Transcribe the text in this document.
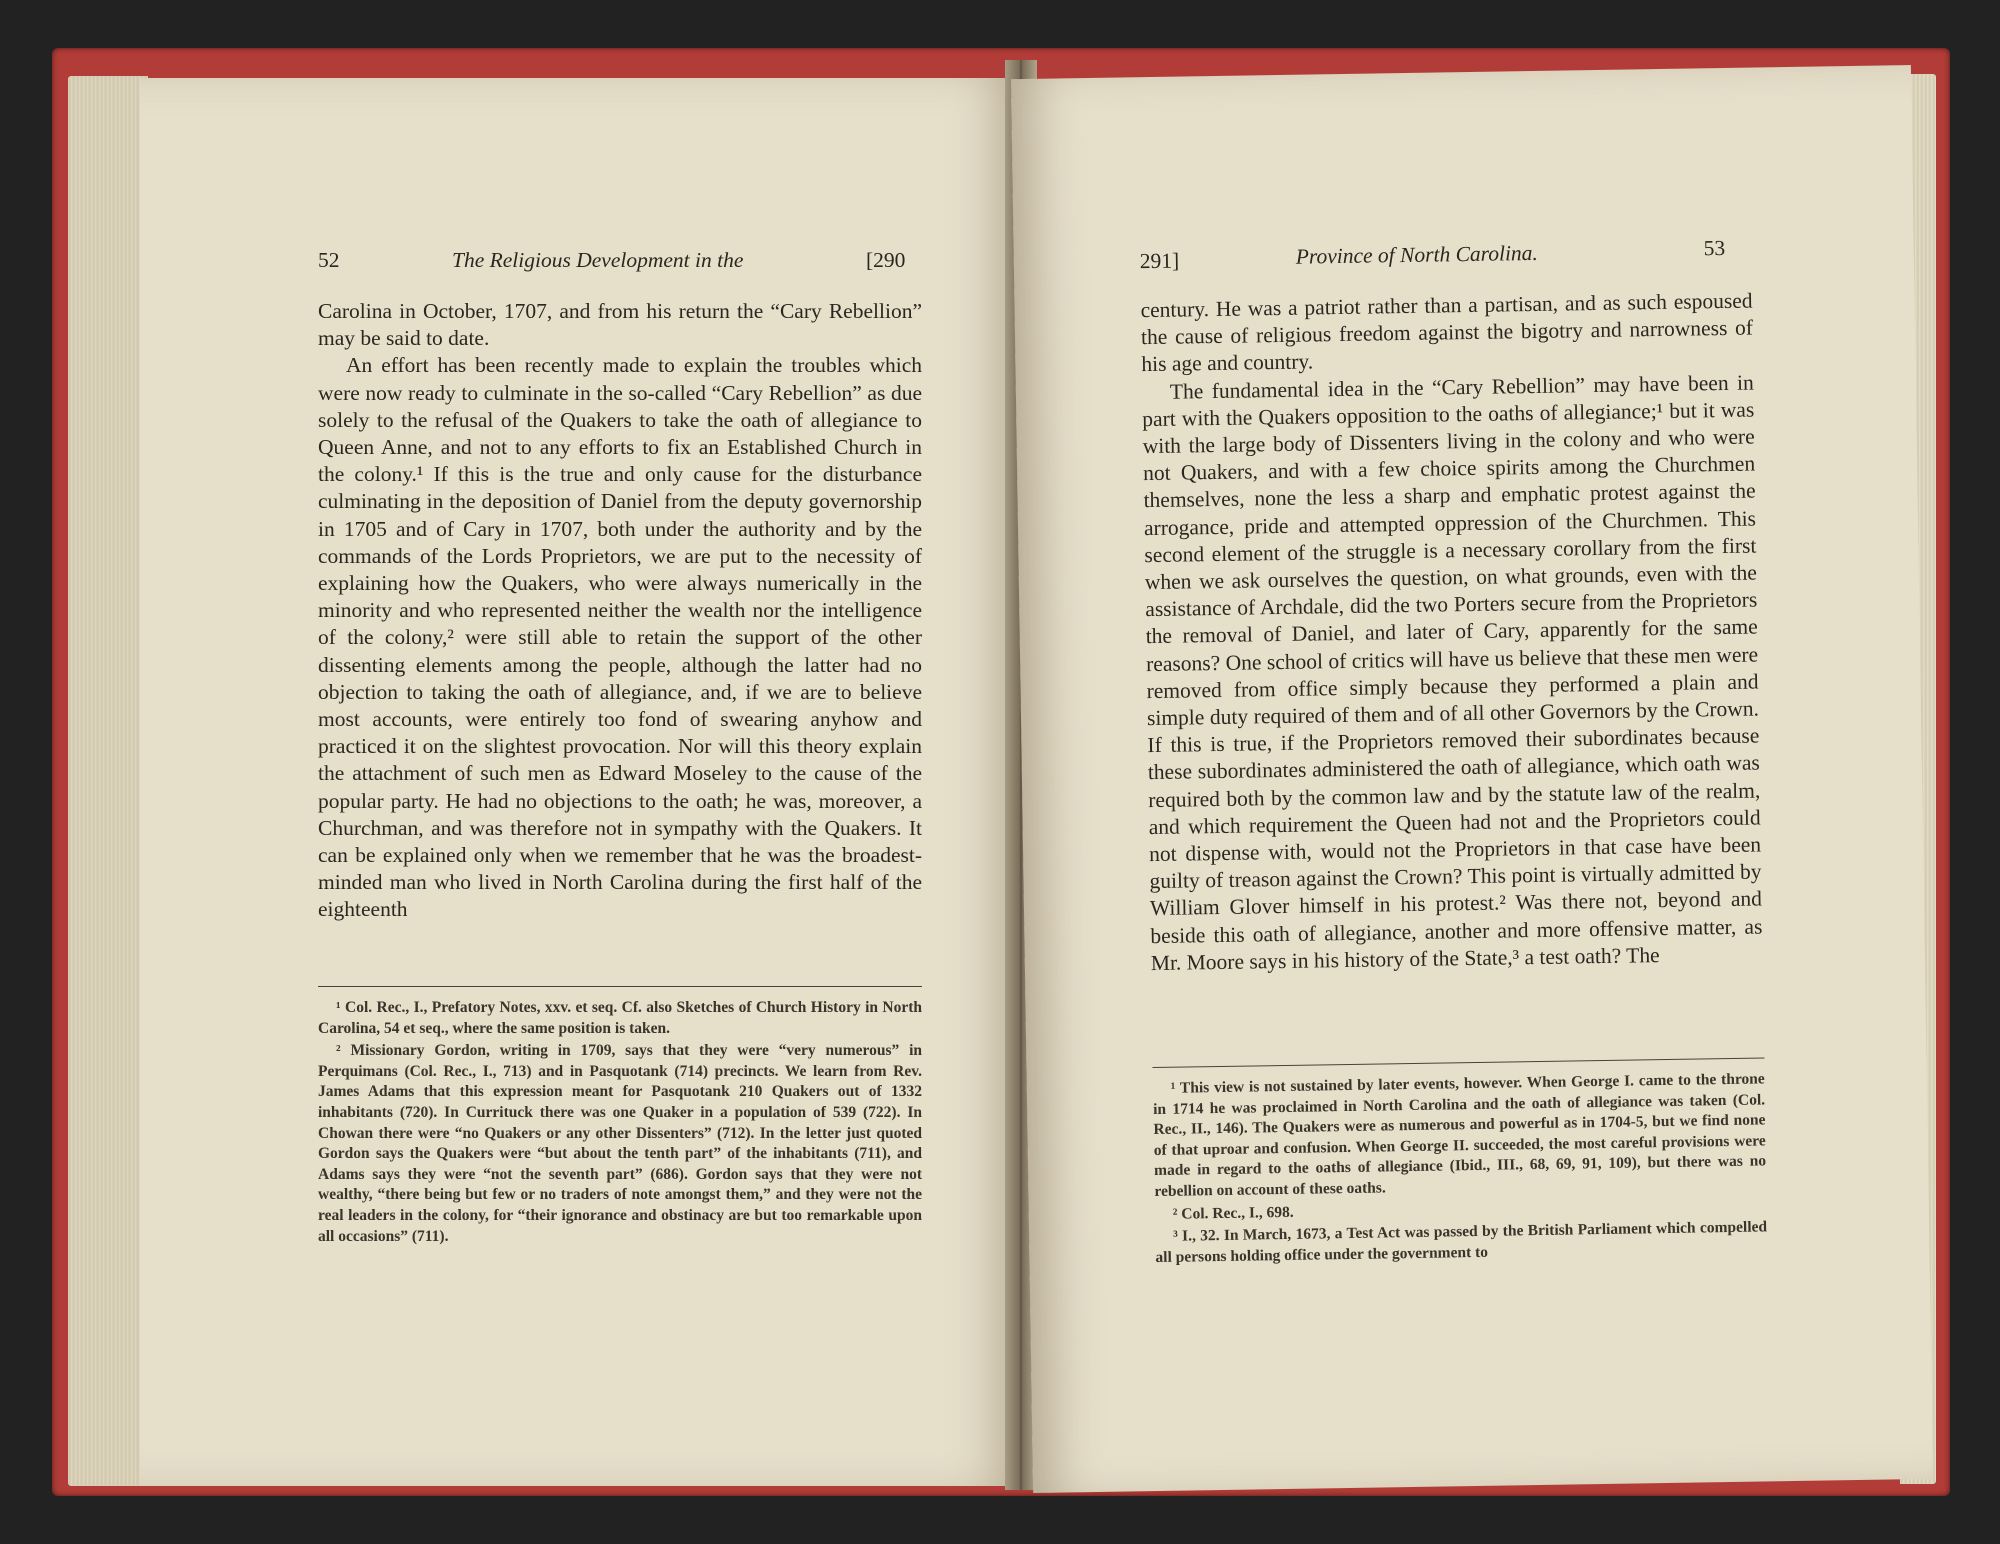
52	The Religious Development in the	[290

Carolina in October, 1707, and from his return the “Cary Rebellion” may be said to date.

An effort has been recently made to explain the troubles which were now ready to culminate in the so-called “Cary Rebellion” as due solely to the refusal of the Quakers to take the oath of allegiance to Queen Anne, and not to any efforts to fix an Established Church in the colony.¹ If this is the true and only cause for the disturbance culminating in the deposition of Daniel from the deputy governorship in 1705 and of Cary in 1707, both under the authority and by the commands of the Lords Proprietors, we are put to the necessity of explaining how the Quakers, who were always numerically in the minority and who represented neither the wealth nor the intelligence of the colony,² were still able to retain the support of the other dissenting elements among the people, although the latter had no objection to taking the oath of allegiance, and, if we are to believe most accounts, were entirely too fond of swearing anyhow and practiced it on the slightest provocation. Nor will this theory explain the attachment of such men as Edward Moseley to the cause of the popular party. He had no objections to the oath; he was, moreover, a Churchman, and was therefore not in sympathy with the Quakers. It can be explained only when we remember that he was the broadest-minded man who lived in North Carolina during the first half of the eighteenth

¹ Col. Rec., I., Prefatory Notes, xxv. et seq. Cf. also Sketches of Church History in North Carolina, 54 et seq., where the same position is taken.

² Missionary Gordon, writing in 1709, says that they were “very numerous” in Perquimans (Col. Rec., I., 713) and in Pasquotank (714) precincts. We learn from Rev. James Adams that this expression meant for Pasquotank 210 Quakers out of 1332 inhabitants (720). In Currituck there was one Quaker in a population of 539 (722). In Chowan there were “no Quakers or any other Dissenters” (712). In the letter just quoted Gordon says the Quakers were “but about the tenth part” of the inhabitants (711), and Adams says they were “not the seventh part” (686). Gordon says that they were not wealthy, “there being but few or no traders of note amongst them,” and they were not the real leaders in the colony, for “their ignorance and obstinacy are but too remarkable upon all occasions” (711).

291]	Province of North Carolina.	53

century. He was a patriot rather than a partisan, and as such espoused the cause of religious freedom against the bigotry and narrowness of his age and country.

The fundamental idea in the “Cary Rebellion” may have been in part with the Quakers opposition to the oaths of allegiance;¹ but it was with the large body of Dissenters living in the colony and who were not Quakers, and with a few choice spirits among the Churchmen themselves, none the less a sharp and emphatic protest against the arrogance, pride and attempted oppression of the Churchmen. This second element of the struggle is a necessary corollary from the first when we ask ourselves the question, on what grounds, even with the assistance of Archdale, did the two Porters secure from the Proprietors the removal of Daniel, and later of Cary, apparently for the same reasons? One school of critics will have us believe that these men were removed from office simply because they performed a plain and simple duty required of them and of all other Governors by the Crown. If this is true, if the Proprietors removed their subordinates because these subordinates administered the oath of allegiance, which oath was required both by the common law and by the statute law of the realm, and which requirement the Queen had not and the Proprietors could not dispense with, would not the Proprietors in that case have been guilty of treason against the Crown? This point is virtually admitted by William Glover himself in his protest.² Was there not, beyond and beside this oath of allegiance, another and more offensive matter, as Mr. Moore says in his history of the State,³ a test oath? The

¹ This view is not sustained by later events, however. When George I. came to the throne in 1714 he was proclaimed in North Carolina and the oath of allegiance was taken (Col. Rec., II., 146). The Quakers were as numerous and powerful as in 1704-5, but we find none of that uproar and confusion. When George II. succeeded, the most careful provisions were made in regard to the oaths of allegiance (Ibid., III., 68, 69, 91, 109), but there was no rebellion on account of these oaths.

² Col. Rec., I., 698.

³ I., 32. In March, 1673, a Test Act was passed by the British Parliament which compelled all persons holding office under the government to
